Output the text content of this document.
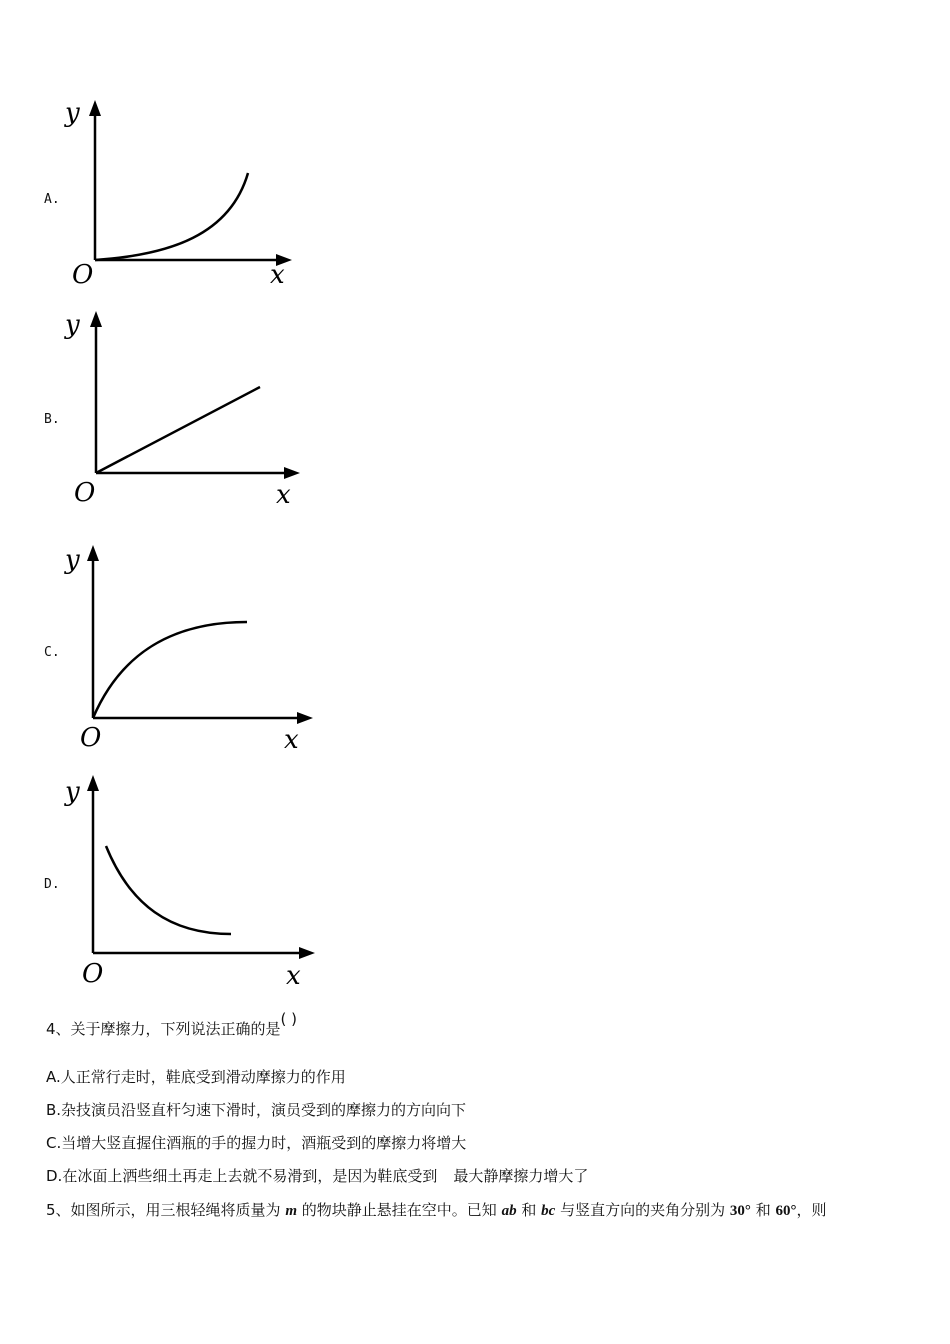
A.
y
O	x
B.
y
O	x
C.
y
O	x
D.
y
O	x
4、关于摩擦力，下列说法正确的是( )
A.人正常行走时，鞋底受到滑动摩擦力的作用
B.杂技演员沿竖直杆匀速下滑时，演员受到的摩擦力的方向向下
C.当增大竖直握住酒瓶的手的握力时，酒瓶受到的摩擦力将增大
D.在冰面上洒些细土再走上去就不易滑到，是因为鞋底受到 最大静摩擦力增大了
5、如图所示，用三根轻绳将质量为 m 的物块静止悬挂在空中。已知 ab 和 bc 与竖直方向的夹角分别为 30° 和 60°，则
